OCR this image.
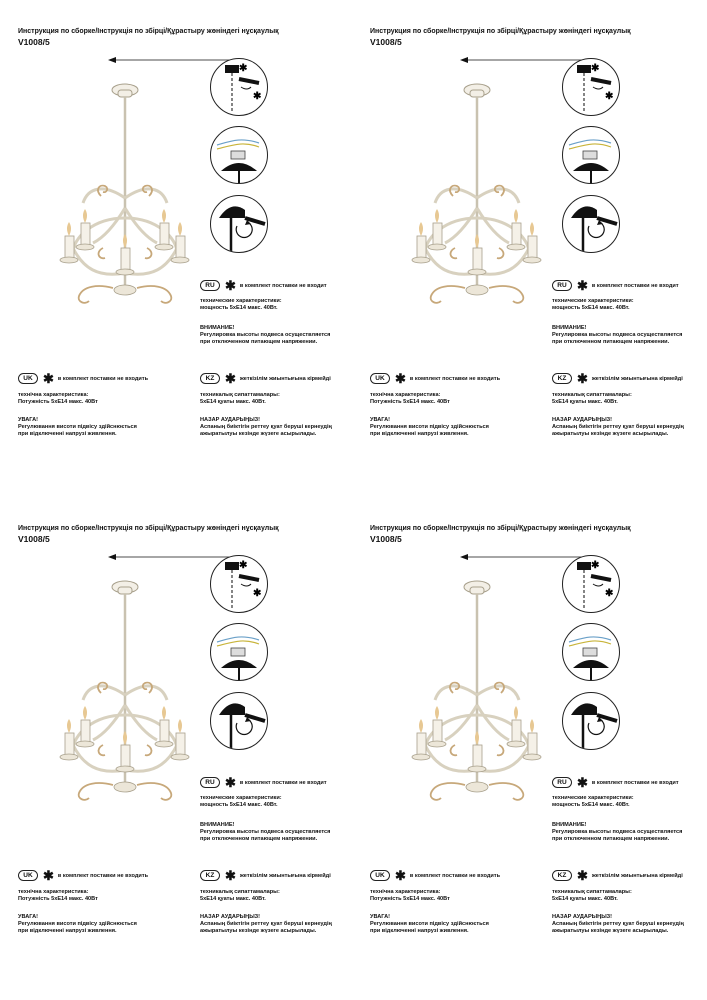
Инструкция по сборке/Інструкція по збірці/Құрастыру жөніндегі нұсқаулық
V1008/5
✱
✱
RU ✱ в комплект поставки не входит
технические характеристики:
мощность 5xE14 макс. 40Вт.
ВНИМАНИЕ!
Регулировка высоты подвеса осуществляется
при отключенном питающем напряжении.
UK ✱ в комплект поставки не входить
технічна характеристика:
Потужність 5xE14 макс. 40Вт
УВАГА!
Регулювання висоти підвісу здійснюється
при відключенні напрузі живлення.
KZ ✱ жеткізілім жиынтығына кірмейді
техникалық сипаттамалары:
5xE14 қуаты макс. 40Вт.
НАЗАР АУДАРЫҢЫЗ!
Аспаның биіктігін реттеу қуат беруші кернеудің
ажыратылуы кезінде жүзеге асырылады.
Инструкция по сборке/Інструкція по збірці/Құрастыру жөніндегі нұсқаулық
V1008/5
✱
✱
RU ✱ в комплект поставки не входит
технические характеристики:
мощность 5xE14 макс. 40Вт.
ВНИМАНИЕ!
Регулировка высоты подвеса осуществляется
при отключенном питающем напряжении.
UK ✱ в комплект поставки не входить
технічна характеристика:
Потужність 5xE14 макс. 40Вт
УВАГА!
Регулювання висоти підвісу здійснюється
при відключенні напрузі живлення.
KZ ✱ жеткізілім жиынтығына кірмейді
техникалық сипаттамалары:
5xE14 қуаты макс. 40Вт.
НАЗАР АУДАРЫҢЫЗ!
Аспаның биіктігін реттеу қуат беруші кернеудің
ажыратылуы кезінде жүзеге асырылады.
Инструкция по сборке/Інструкція по збірці/Құрастыру жөніндегі нұсқаулық
V1008/5
✱
✱
RU ✱ в комплект поставки не входит
технические характеристики:
мощность 5xE14 макс. 40Вт.
ВНИМАНИЕ!
Регулировка высоты подвеса осуществляется
при отключенном питающем напряжении.
UK ✱ в комплект поставки не входить
технічна характеристика:
Потужність 5xE14 макс. 40Вт
УВАГА!
Регулювання висоти підвісу здійснюється
при відключенні напрузі живлення.
KZ ✱ жеткізілім жиынтығына кірмейді
техникалық сипаттамалары:
5xE14 қуаты макс. 40Вт.
НАЗАР АУДАРЫҢЫЗ!
Аспаның биіктігін реттеу қуат беруші кернеудің
ажыратылуы кезінде жүзеге асырылады.
Инструкция по сборке/Інструкція по збірці/Құрастыру жөніндегі нұсқаулық
V1008/5
✱
✱
RU ✱ в комплект поставки не входит
технические характеристики:
мощность 5xE14 макс. 40Вт.
ВНИМАНИЕ!
Регулировка высоты подвеса осуществляется
при отключенном питающем напряжении.
UK ✱ в комплект поставки не входить
технічна характеристика:
Потужність 5xE14 макс. 40Вт
УВАГА!
Регулювання висоти підвісу здійснюється
при відключенні напрузі живлення.
KZ ✱ жеткізілім жиынтығына кірмейді
техникалық сипаттамалары:
5xE14 қуаты макс. 40Вт.
НАЗАР АУДАРЫҢЫЗ!
Аспаның биіктігін реттеу қуат беруші кернеудің
ажыратылуы кезінде жүзеге асырылады.
